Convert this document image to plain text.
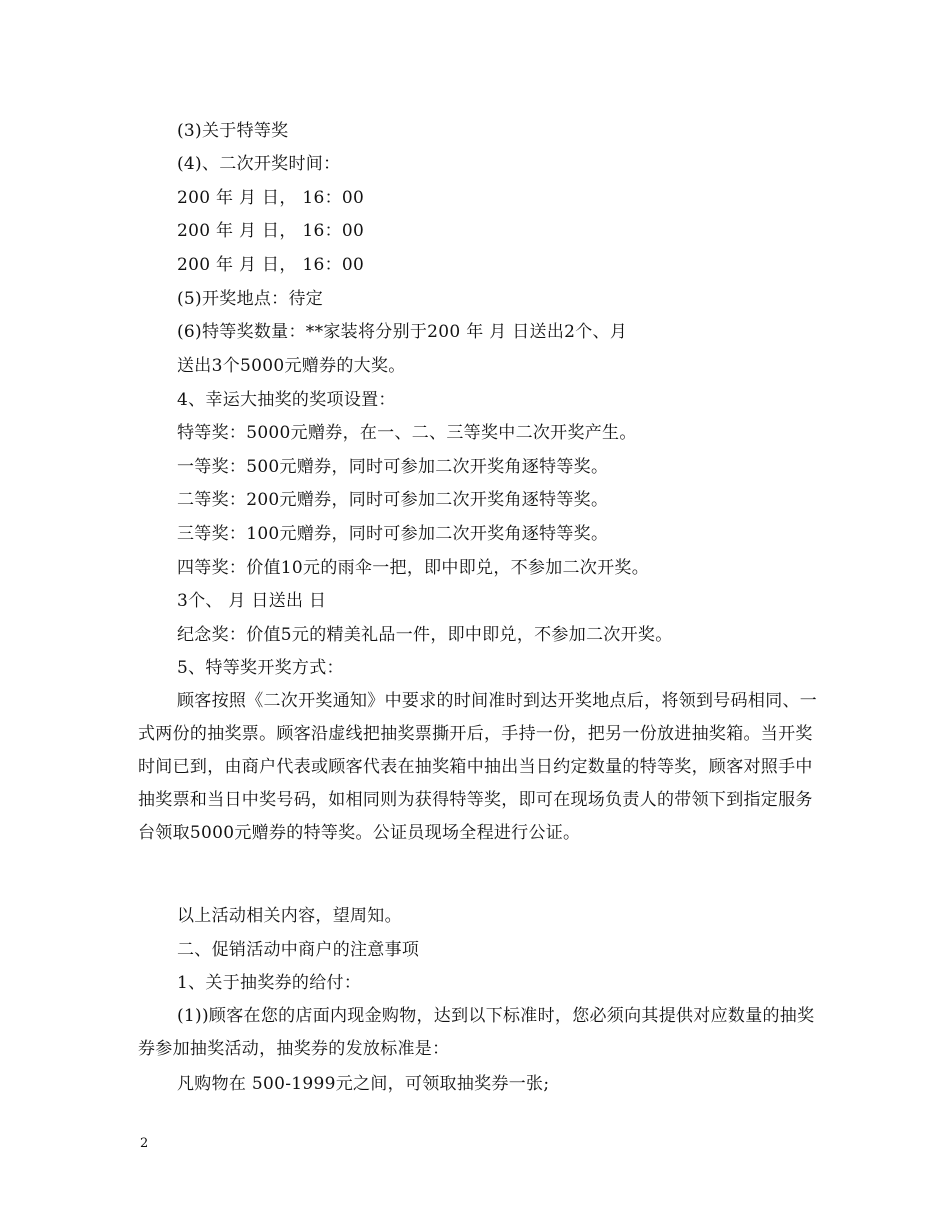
(3)关于特等奖
(4)、二次开奖时间：
200 年 月 日， 16：00
200 年 月 日， 16：00
200 年 月 日， 16：00
(5)开奖地点：待定
(6)特等奖数量：**家装将分别于200 年 月 日送出2个、月
送出3个5000元赠券的大奖。
4、幸运大抽奖的奖项设置：
特等奖：5000元赠券，在一、二、三等奖中二次开奖产生。
一等奖：500元赠券，同时可参加二次开奖角逐特等奖。
二等奖：200元赠券，同时可参加二次开奖角逐特等奖。
三等奖：100元赠券，同时可参加二次开奖角逐特等奖。
四等奖：价值10元的雨伞一把，即中即兑，不参加二次开奖。
3个、 月 日送出 日
纪念奖：价值5元的精美礼品一件，即中即兑，不参加二次开奖。
5、特等奖开奖方式：
顾客按照《二次开奖通知》中要求的时间准时到达开奖地点后，将领到号码相同、一式两份的抽奖票。顾客沿虚线把抽奖票撕开后，手持一份，把另一份放进抽奖箱。当开奖时间已到，由商户代表或顾客代表在抽奖箱中抽出当日约定数量的特等奖，顾客对照手中抽奖票和当日中奖号码，如相同则为获得特等奖，即可在现场负责人的带领下到指定服务台领取5000元赠券的特等奖。公证员现场全程进行公证。
以上活动相关内容，望周知。
二、促销活动中商户的注意事项
1、关于抽奖券的给付：
(1))顾客在您的店面内现金购物，达到以下标准时，您必须向其提供对应数量的抽奖券参加抽奖活动，抽奖券的发放标准是：
凡购物在 500-1999元之间，可领取抽奖券一张;
2
